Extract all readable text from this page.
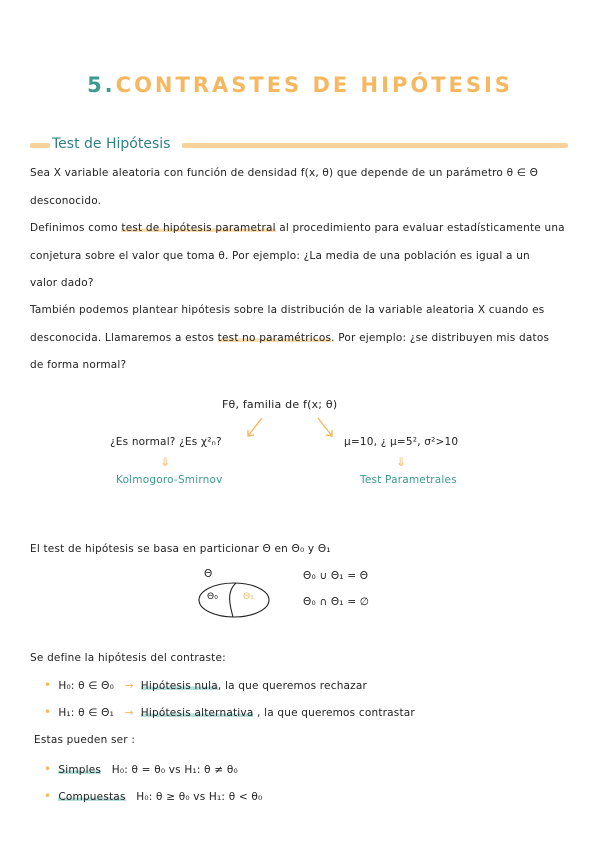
5.CONTRASTES DE HIPÓTESIS
Test de Hipótesis
Sea X variable aleatoria con función de densidad f(x, θ) que depende de un parámetro θ ∈ Θ
desconocido.
Definimos como test de hipótesis parametral al procedimiento para evaluar estadísticamente una
conjetura sobre el valor que toma θ. Por ejemplo: ¿La media de una población es igual a un
valor dado?
También podemos plantear hipótesis sobre la distribución de la variable aleatoria X cuando es
desconocida. Llamaremos a estos test no paramétricos. Por ejemplo: ¿se distribuyen mis datos
de forma normal?
Fθ, familia de f(x; θ)
¿Es normal? ¿Es χ²ₙ?
⇓
Kolmogoro-Smirnov
μ=10, ¿ μ=5², σ²>10
⇓
Test Parametrales
El test de hipótesis se basa en particionar Θ en Θ₀ y Θ₁
Θ
Θ₀	Θ₁
Θ₀ ∪ Θ₁ = Θ
Θ₀ ∩ Θ₁ = ∅
Se define la hipótesis del contraste:
• H₀: θ ∈ Θ₀ → Hipótesis nula, la que queremos rechazar
• H₁: θ ∈ Θ₁ → Hipótesis alternativa , la que queremos contrastar
Estas pueden ser :
• Simples H₀: θ = θ₀ vs H₁: θ ≠ θ₀
• Compuestas H₀: θ ≥ θ₀ vs H₁: θ < θ₀
